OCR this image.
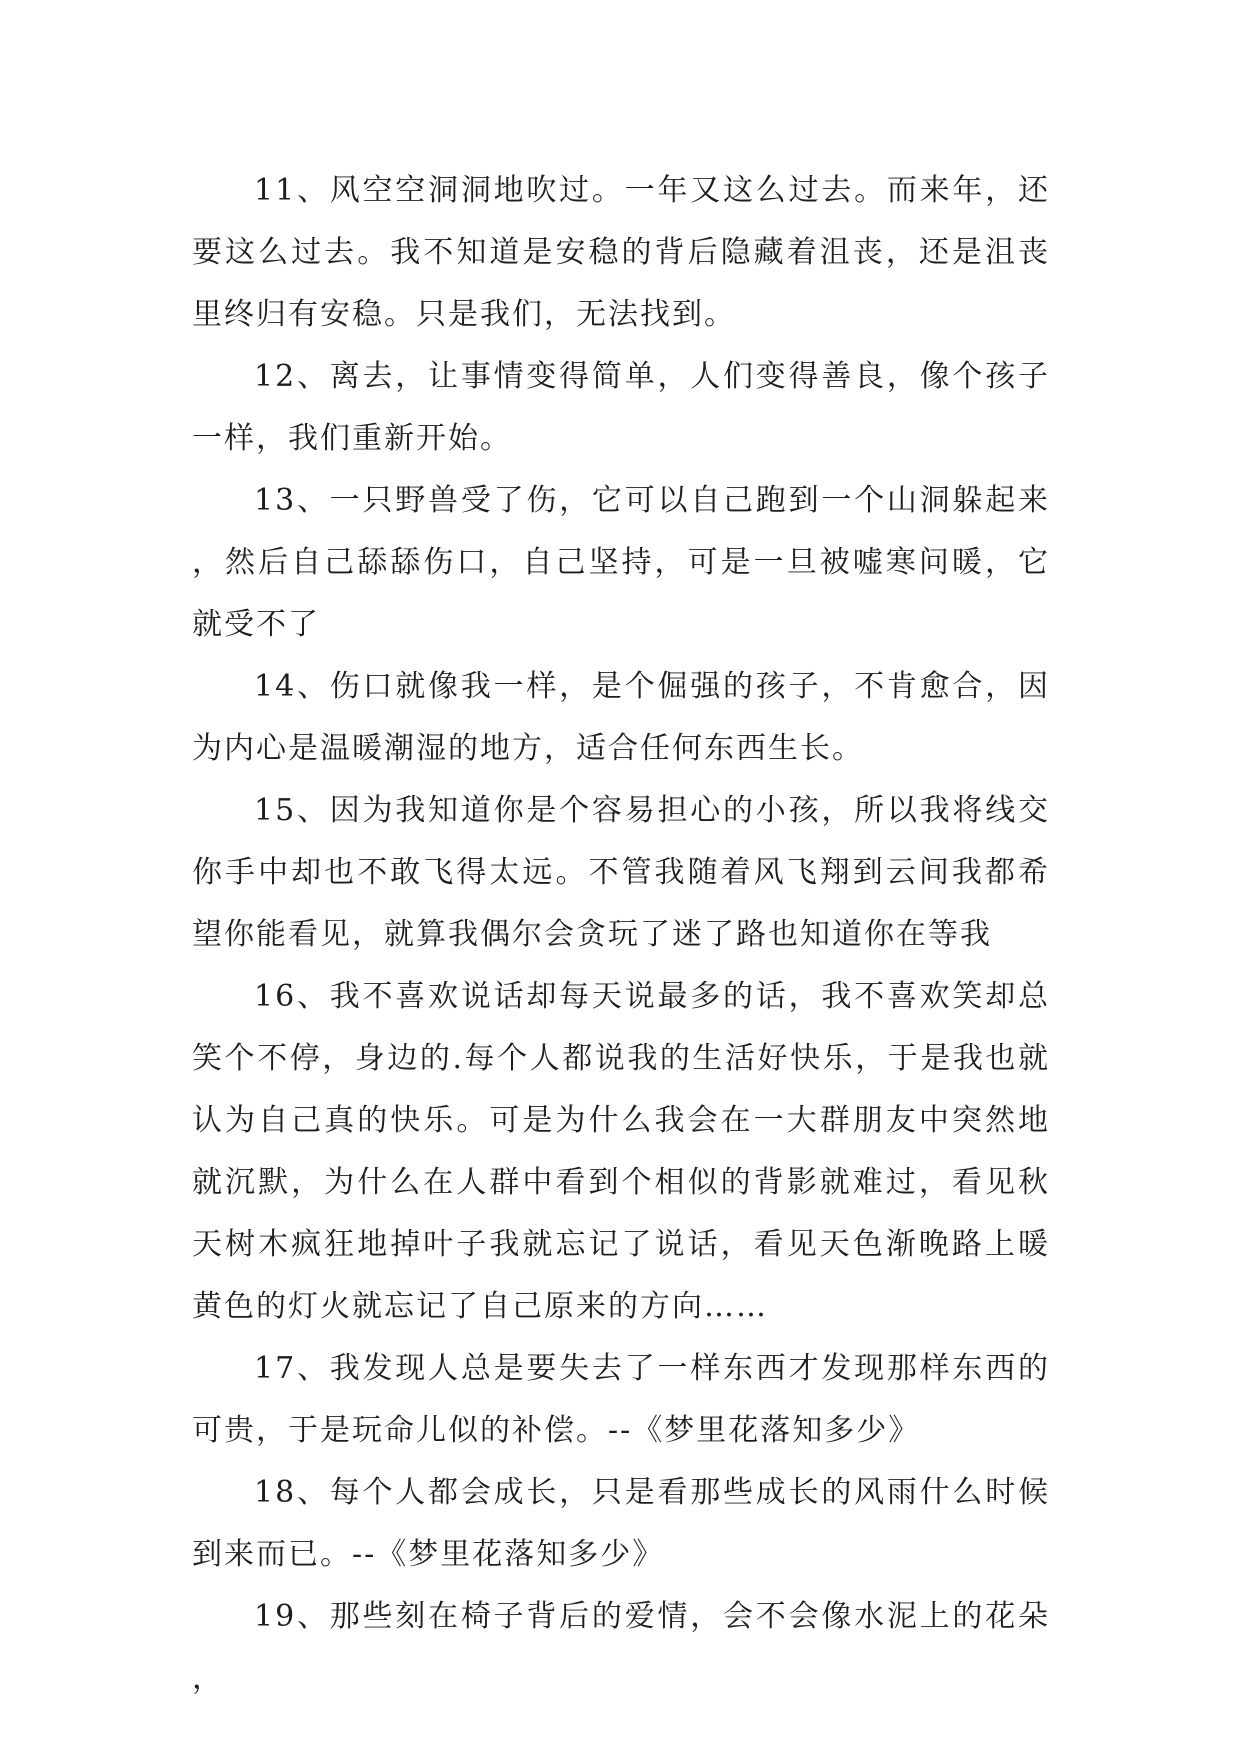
11、风空空洞洞地吹过。一年又这么过去。而来年，还要这么过去。我不知道是安稳的背后隐藏着沮丧，还是沮丧里终归有安稳。只是我们，无法找到。

12、离去，让事情变得简单，人们变得善良，像个孩子一样，我们重新开始。

13、一只野兽受了伤，它可以自己跑到一个山洞躲起来，然后自己舔舔伤口，自己坚持，可是一旦被嘘寒问暖，它就受不了

14、伤口就像我一样，是个倔强的孩子，不肯愈合，因为内心是温暖潮湿的地方，适合任何东西生长。

15、因为我知道你是个容易担心的小孩，所以我将线交你手中却也不敢飞得太远。不管我随着风飞翔到云间我都希望你能看见，就算我偶尔会贪玩了迷了路也知道你在等我

16、我不喜欢说话却每天说最多的话，我不喜欢笑却总笑个不停，身边的.每个人都说我的生活好快乐，于是我也就认为自己真的快乐。可是为什么我会在一大群朋友中突然地就沉默，为什么在人群中看到个相似的背影就难过，看见秋天树木疯狂地掉叶子我就忘记了说话，看见天色渐晚路上暖黄色的灯火就忘记了自己原来的方向……

17、我发现人总是要失去了一样东西才发现那样东西的可贵，于是玩命儿似的补偿。--《梦里花落知多少》

18、每个人都会成长，只是看那些成长的风雨什么时候到来而已。--《梦里花落知多少》

19、那些刻在椅子背后的爱情，会不会像水泥上的花朵，
